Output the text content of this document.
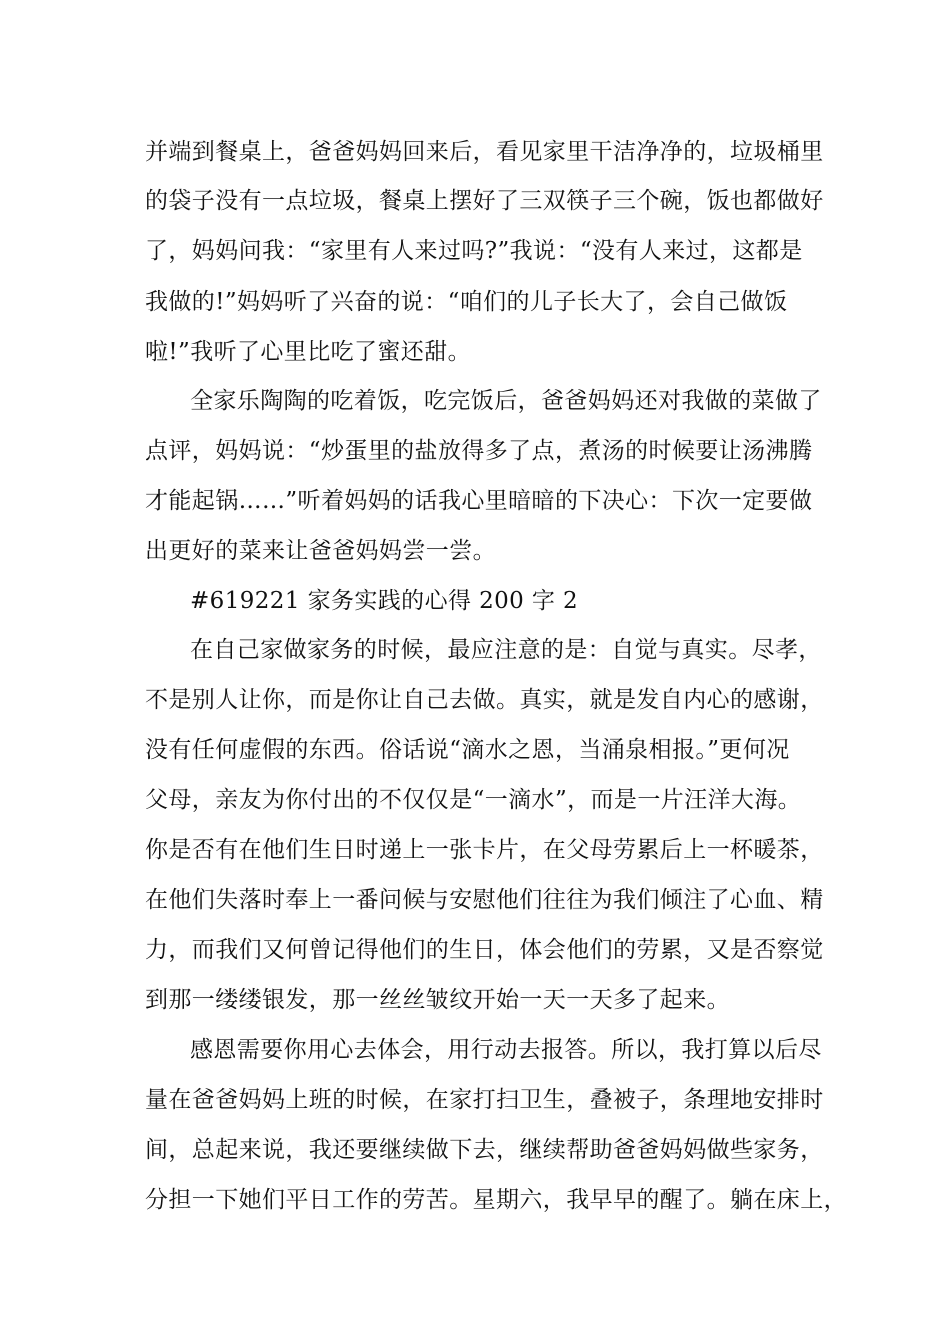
并端到餐桌上，爸爸妈妈回来后，看见家里干洁净净的，垃圾桶里
的袋子没有一点垃圾，餐桌上摆好了三双筷子三个碗，饭也都做好
了，妈妈问我：“家里有人来过吗?”我说：“没有人来过，这都是
我做的!”妈妈听了兴奋的说：“咱们的儿子长大了，会自己做饭
啦!”我听了心里比吃了蜜还甜。
全家乐陶陶的吃着饭，吃完饭后，爸爸妈妈还对我做的菜做了
点评，妈妈说：“炒蛋里的盐放得多了点，煮汤的时候要让汤沸腾
才能起锅……”听着妈妈的话我心里暗暗的下决心：下次一定要做
出更好的菜来让爸爸妈妈尝一尝。
#619221 家务实践的心得 200 字 2
在自己家做家务的时候，最应注意的是：自觉与真实。尽孝，
不是别人让你，而是你让自己去做。真实，就是发自内心的感谢，
没有任何虚假的东西。俗话说“滴水之恩，当涌泉相报。”更何况
父母，亲友为你付出的不仅仅是“一滴水”，而是一片汪洋大海。
你是否有在他们生日时递上一张卡片，在父母劳累后上一杯暖茶，
在他们失落时奉上一番问候与安慰他们往往为我们倾注了心血、精
力，而我们又何曾记得他们的生日，体会他们的劳累，又是否察觉
到那一缕缕银发，那一丝丝皱纹开始一天一天多了起来。
感恩需要你用心去体会，用行动去报答。所以，我打算以后尽
量在爸爸妈妈上班的时候，在家打扫卫生，叠被子，条理地安排时
间，总起来说，我还要继续做下去，继续帮助爸爸妈妈做些家务，
分担一下她们平日工作的劳苦。星期六，我早早的醒了。躺在床上，
